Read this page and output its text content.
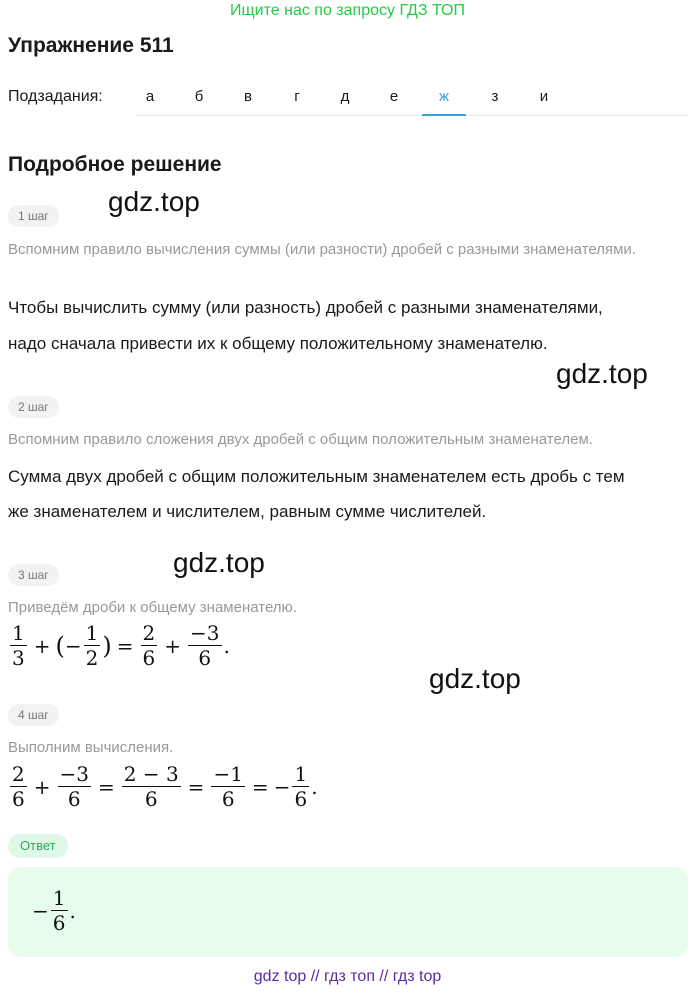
Ищите нас по запросу ГДЗ ТОП
Упражнение 511
Подзадания:	а	б	в	г	д	е	ж	з	и
Подробное решение
gdz.top
gdz.top
gdz.top
gdz.top
1 шаг
Вспомним правило вычисления суммы (или разности) дробей с разными знаменателями.
Чтобы вычислить сумму (или разность) дробей с разными знаменателями,
надо сначала привести их к общему положительному знаменателю.
2 шаг
Вспомним правило сложения двух дробей с общим положительным знаменателем.
Сумма двух дробей с общим положительным знаменателем есть дробь с тем
же знаменателем и числителем, равным сумме числителей.
3 шаг
Приведём дроби к общему знаменателю.
$\frac{1}{3}$ + ( − $\frac{1}{2}$ ) = $\frac{2}{6} + \frac{-3}{6}$ .
4 шаг
Выполним вычисления.
$\frac{2}{6} + \frac{-3}{6} = \frac{2 - 3}{6} = \frac{-1}{6}$ = − $\frac{1}{6}$ .
Ответ
− $\frac{1}{6}$ .
gdz top // гдз топ // гдз top
